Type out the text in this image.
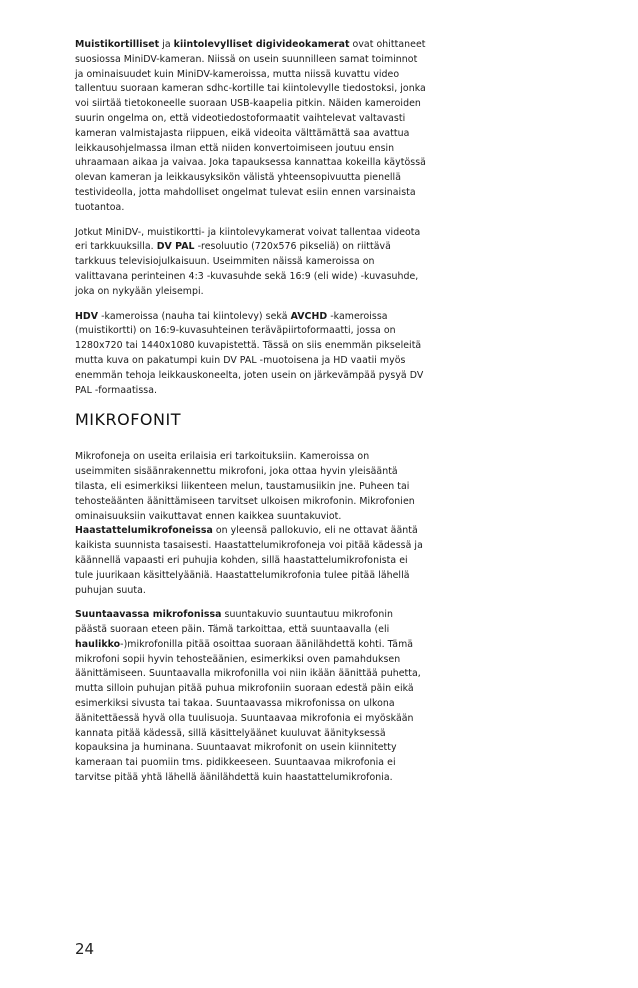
Muistikortilliset ja kiintolevylliset digivideokamerat ovat ohittaneet suosiossa MiniDV-kameran. Niissä on usein suunnilleen samat toiminnot ja ominaisuudet kuin MiniDV-kameroissa, mutta niissä kuvattu video tallentuu suoraan kameran sdhc-kortille tai kiintolevylle tiedostoksi, jonka voi siirtää tietokoneelle suoraan USB-kaapelia pitkin. Näiden kameroiden suurin ongelma on, että videotiedostoformaatit vaihtelevat valtavasti kameran valmistajasta riippuen, eikä videoita välttämättä saa avattua leikkausohjelmassa ilman että niiden konvertoimiseen joutuu ensin uhraamaan aikaa ja vaivaa. Joka tapauksessa kannattaa kokeilla käytössä olevan kameran ja leikkausyksikön välistä yhteensopivuutta pienellä testivideolla, jotta mahdolliset ongelmat tulevat esiin ennen varsinaista tuotantoa.

Jotkut MiniDV-, muistikortti- ja kiintolevykamerat voivat tallentaa videota eri tarkkuuksilla. DV PAL -resoluutio (720x576 pikseliä) on riittävä tarkkuus televisiojulkaisuun. Useimmiten näissä kameroissa on valittavana perinteinen 4:3 -kuvasuhde sekä 16:9 (eli wide) -kuvasuhde, joka on nykyään yleisempi.

HDV -kameroissa (nauha tai kiintolevy) sekä AVCHD -kameroissa (muistikortti) on 16:9-kuvasuhteinen teräväpiirtoformaatti, jossa on 1280x720 tai 1440x1080 kuvapistettä. Tässä on siis enemmän pikseleitä mutta kuva on pakatumpi kuin DV PAL -muotoisena ja HD vaatii myös enemmän tehoja leikkauskoneelta, joten usein on järkevämpää pysyä DV PAL -formaatissa.

MIKROFONIT

Mikrofoneja on useita erilaisia eri tarkoituksiin. Kameroissa on useimmiten sisäänrakennettu mikrofoni, joka ottaa hyvin yleisääntä tilasta, eli esimerkiksi liikenteen melun, taustamusiikin jne. Puheen tai tehosteäänten äänittämiseen tarvitset ulkoisen mikrofonin. Mikrofonien ominaisuuksiin vaikuttavat ennen kaikkea suuntakuviot. Haastattelumikrofoneissa on yleensä pallokuvio, eli ne ottavat ääntä kaikista suunnista tasaisesti. Haastattelumikrofoneja voi pitää kädessä ja käännellä vapaasti eri puhujia kohden, sillä haastattelumikrofonista ei tule juurikaan käsittelyääniä. Haastattelumikrofonia tulee pitää lähellä puhujan suuta.

Suuntaavassa mikrofonissa suuntakuvio suuntautuu mikrofonin päästä suoraan eteen päin. Tämä tarkoittaa, että suuntaavalla (eli haulikko-)mikrofonilla pitää osoittaa suoraan äänilähdettä kohti. Tämä mikrofoni sopii hyvin tehosteäänien, esimerkiksi oven pamahduksen äänittämiseen. Suuntaavalla mikrofonilla voi niin ikään äänittää puhetta, mutta silloin puhujan pitää puhua mikrofoniin suoraan edestä päin eikä esimerkiksi sivusta tai takaa. Suuntaavassa mikrofonissa on ulkona äänitettäessä hyvä olla tuulisuoja. Suuntaavaa mikrofonia ei myöskään kannata pitää kädessä, sillä käsittelyäänet kuuluvat äänityksessä kopauksina ja huminana. Suuntaavat mikrofonit on usein kiinnitetty kameraan tai puomiin tms. pidikkeeseen. Suuntaavaa mikrofonia ei tarvitse pitää yhtä lähellä äänilähdettä kuin haastattelumikrofonia.

24
